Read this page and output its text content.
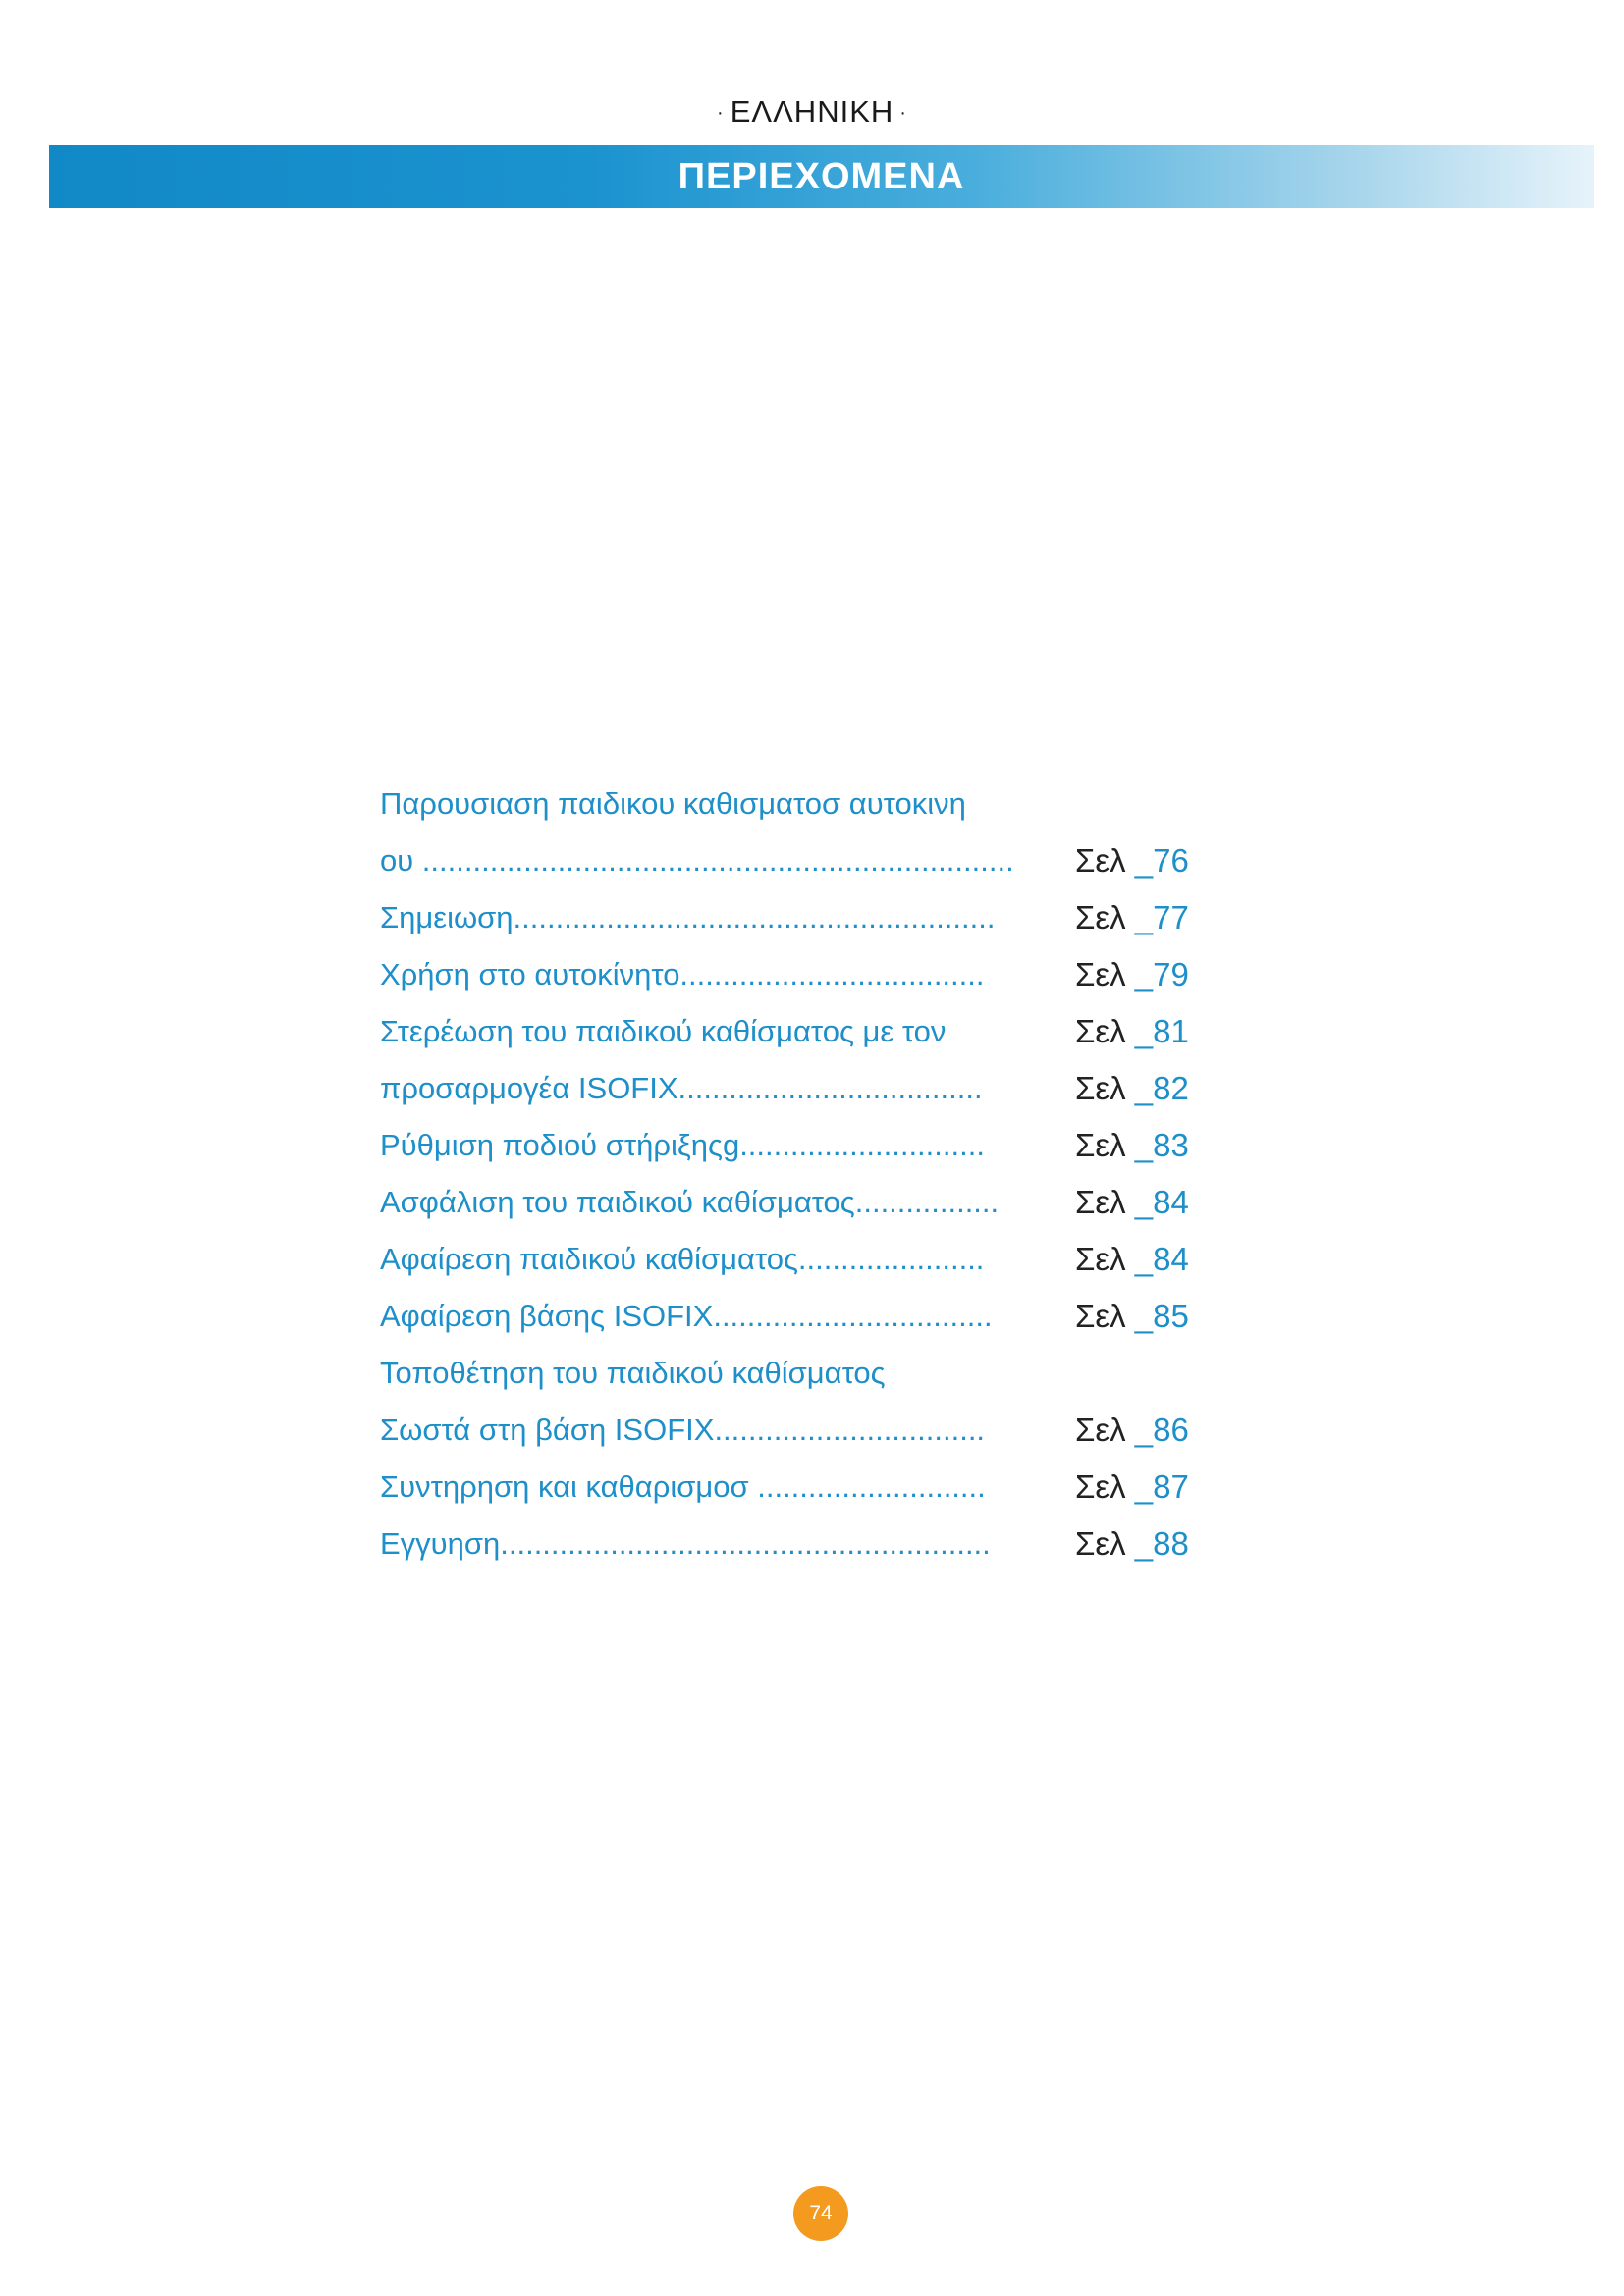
· ΕΛΛΗΝΙΚΗ ·
ΠΕΡΙΕΧΟΜΕΝΑ
Παρουσιαση παιδικου καθισματοσ αυτοκινη
ου ...................................................................... Σελ _76
Σημειωση.........................................................	Σελ _77
Χρήση στο αυτοκίνητο....................................	Σελ _79
Στερέωση του παιδικού καθίσματος με τον	Σελ _81
προσαρμογέα ISOFIX....................................	Σελ _82
Ρύθμιση ποδιού στήριξηςg.............................	Σελ _83
Ασφάλιση του παιδικού καθίσματος.................	Σελ _84
Αφαίρεση παιδικού καθίσματος......................	Σελ _84
Αφαίρεση βάσης ISOFIX.................................	Σελ _85
Τοποθέτηση του παιδικού καθίσματος
Σωστά στη βάση ISOFIX................................	Σελ _86
Συντηρηση και καθαρισμοσ ...........................	Σελ _87
Εγγυηση..........................................................	Σελ _88
74
